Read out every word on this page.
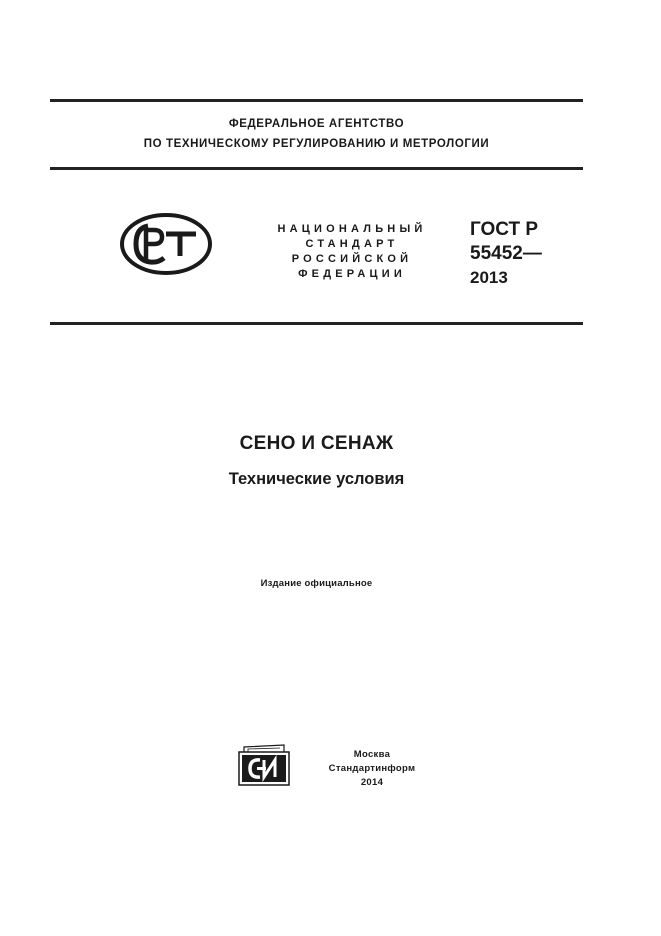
ФЕДЕРАЛЬНОЕ АГЕНТСТВО
ПО ТЕХНИЧЕСКОМУ РЕГУЛИРОВАНИЮ И МЕТРОЛОГИИ
НАЦИОНАЛЬНЫЙ
СТАНДАРТ
РОССИЙСКОЙ
ФЕДЕРАЦИИ
ГОСТ Р
55452—
2013
СЕНО И СЕНАЖ
Технические условия
Издание официальное
Москва
Стандартинформ
2014
